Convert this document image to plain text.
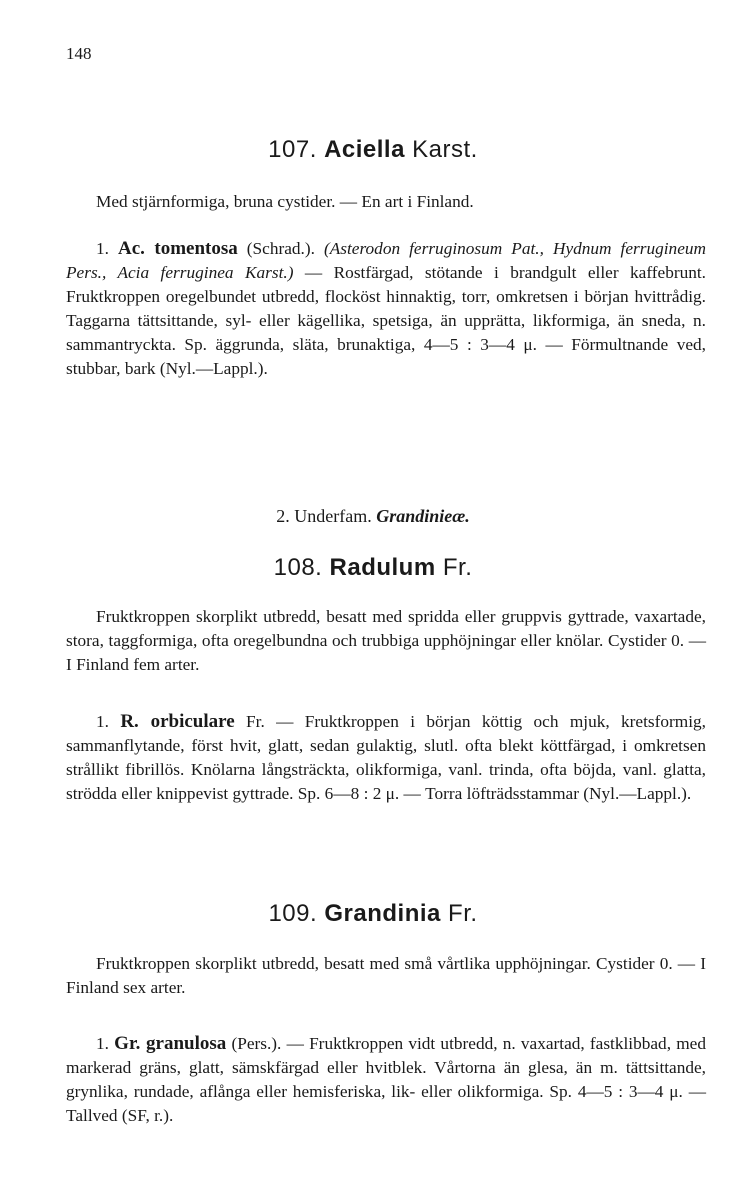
148
107. Aciella Karst.
Med stjärnformiga, bruna cystider. — En art i Finland.
1. Ac. tomentosa (Schrad.). (Asterodon ferruginosum Pat., Hydnum ferrugineum Pers., Acia ferruginea Karst.) — Rostfärgad, stötande i brandgult eller kaffebrunt. Fruktkroppen oregelbundet utbredd, flocköst hinnaktig, torr, omkretsen i början hvittrådig. Taggarna tättsittande, syl- eller kägellika, spetsiga, än upprätta, likformiga, än sneda, n. sammantryckta. Sp. äggrunda, släta, brunaktiga, 4—5 : 3—4 μ. — Förmultnande ved, stubbar, bark (Nyl.—Lappl.).
2. Underfam. Grandinieæ.
108. Radulum Fr.
Fruktkroppen skorplikt utbredd, besatt med spridda eller gruppvis gyttrade, vaxartade, stora, taggformiga, ofta oregelbundna och trubbiga upphöjningar eller knölar. Cystider 0. — I Finland fem arter.
1. R. orbiculare Fr. — Fruktkroppen i början köttig och mjuk, kretsformig, sammanflytande, först hvit, glatt, sedan gulaktig, slutl. ofta blekt köttfärgad, i omkretsen strållikt fibrillös. Knölarna långsträckta, olikformiga, vanl. trinda, ofta böjda, vanl. glatta, strödda eller knippevist gyttrade. Sp. 6—8 : 2 μ. — Torra löfträdsstammar (Nyl.—Lappl.).
109. Grandinia Fr.
Fruktkroppen skorplikt utbredd, besatt med små vårtlika upphöjningar. Cystider 0. — I Finland sex arter.
1. Gr. granulosa (Pers.). — Fruktkroppen vidt utbredd, n. vaxartad, fastklibbad, med markerad gräns, glatt, sämskfärgad eller hvitblek. Vårtorna än glesa, än m. tättsittande, grynlika, rundade, aflånga eller hemisferiska, lik- eller olikformiga. Sp. 4—5 : 3—4 μ. — Tallved (SF, r.).
